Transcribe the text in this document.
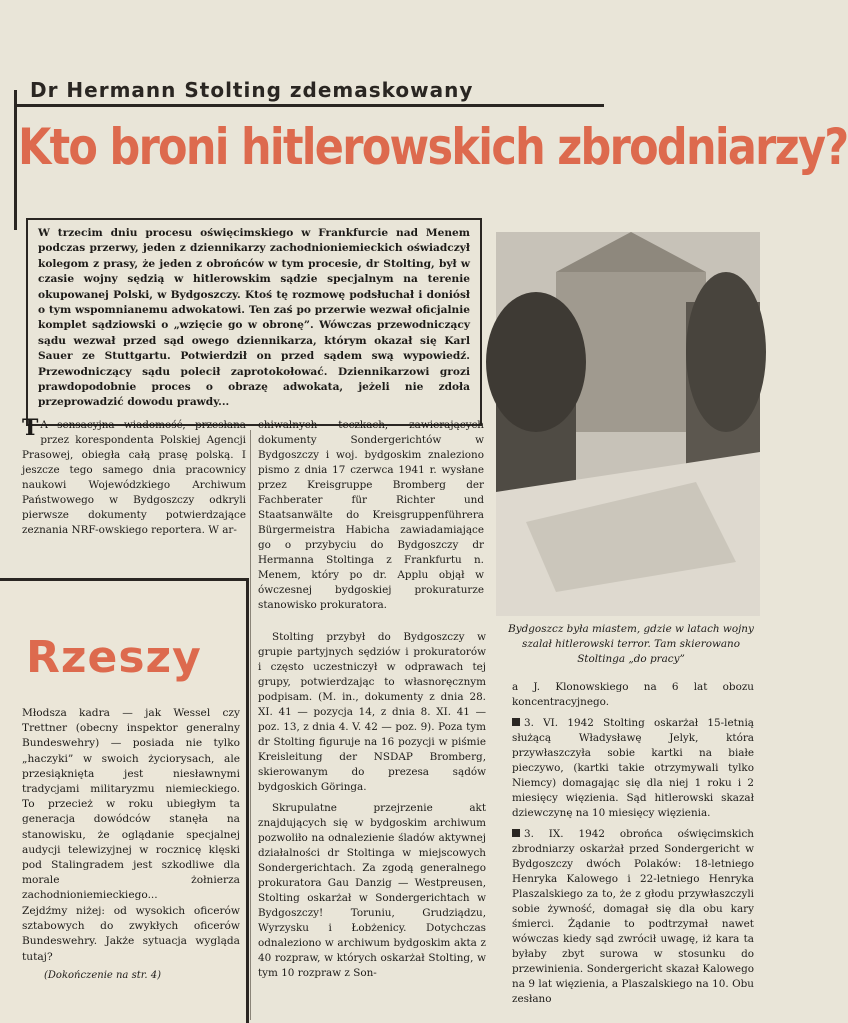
Dr Hermann Stolting zdemaskowany
Kto broni hitlerowskich zbrodniarzy?
W trzecim dniu procesu oświęcimskiego w Frankfurcie nad Menem podczas przerwy, jeden z dziennikarzy zachodnioniemieckich oświadczył kolegom z prasy, że jeden z obrońców w tym procesie, dr Stolting, był w czasie wojny sędzią w hitlerowskim sądzie specjalnym na terenie okupowanej Polski, w Bydgoszczy. Ktoś tę rozmowę podsłuchał i doniósł o tym wspomnianemu adwokatowi. Ten zaś po przerwie wezwał oficjalnie komplet sądziowski o „wzięcie go w obronę”. Wówczas przewodniczący sądu wezwał przed sąd owego dziennikarza, którym okazał się Karl Sauer ze Stuttgartu. Potwierdził on przed sądem swą wypowiedź. Przewodniczący sądu polecił zaprotokołować. Dziennikarzowi grozi prawdopodobnie proces o obrazę adwokata, jeżeli nie zdoła przeprowadzić dowodu prawdy...
T A sensacyjna wiadomość, przesłana przez korespondenta Polskiej Agencji Prasowej, obiegła całą prasę polską. I jeszcze tego samego dnia pracownicy naukowi Wojewódzkiego Archiwum Państwowego w Bydgoszczy odkryli pierwsze dokumenty potwierdzające zeznania NRF-owskiego reportera. W ar-
chiwalnych teczkach, zawierających dokumenty Sondergerichtów w Bydgoszczy i woj. bydgoskim znaleziono pismo z dnia 17 czerwca 1941 r. wysłane przez Kreisgruppe Bromberg der Fachberater für Richter und Staatsanwälte do Kreisgruppenführera Bürgermeistra Habicha zawiadamiające go o przybyciu do Bydgoszczy dr Hermanna Stoltinga z Frankfurtu n. Menem, który po dr. Applu objął w ówczesnej bydgoskiej prokuraturze stanowisko prokuratora.

Stolting przybył do Bydgoszczy w grupie partyjnych sędziów i prokuratorów i często uczestniczył w odprawach tej grupy, potwierdzając to własnoręcznym podpisam. (M. in., dokumenty z dnia 28. XI. 41 — pozycja 14, z dnia 8. XI. 41 — poz. 13, z dnia 4. V. 42 — poz. 9). Poza tym dr Stolting figuruje na 16 pozycji w piśmie Kreisleitung der NSDAP Bromberg, skierowanym do prezesa sądów bydgoskich Göringa.

Skrupulatne przejrzenie akt znajdujących się w bydgoskim archiwum pozwoliło na odnalezienie śladów aktywnej działalności dr Stoltinga w miejscowych Sondergerichtach. Za zgodą generalnego prokuratora Gau Danzig — Westpreusen, Stolting oskarżał w Sondergerichtach w Bydgoszczy! Toruniu, Grudziądzu, Wyrzysku i Łobżenicy. Dotychczas odnaleziono w archiwum bydgoskim akta z 40 rozpraw, w których oskarżał Stolting, w tym 10 rozpraw z Son-

Bydgoszcz była miastem, gdzie w latach wojny szalał hitlerowski terror. Tam skierowano Stoltinga „do pracy”

a J. Klonowskiego na 6 lat obozu koncentracyjnego.

3. VI. 1942 Stolting oskarżał 15-letnią służącą Władysławę Jelyk, która przywłaszczyła sobie kartki na białe pieczywo, (kartki takie otrzymywali tylko Niemcy) domagając się dla niej 1 roku i 2 miesięcy więzienia. Sąd hitlerowski skazał dziewczynę na 10 miesięcy więzienia.

3. IX. 1942 obrońca oświęcimskich zbrodniarzy oskarżał przed Sondergericht w Bydgoszczy dwóch Polaków: 18-letniego Henryka Kalowego i 22-letniego Henryka Plaszalskiego za to, że z głodu przywłaszczyli sobie żywność, domagał się dla obu kary śmierci. Żądanie to podtrzymał nawet wówczas kiedy sąd zwrócił uwagę, iż kara ta byłaby zbyt surowa w stosunku do przewinienia. Sondergericht skazał Kalowego na 9 lat więzienia, a Plaszalskiego na 10. Obu zesłano

Rzeszy
Młodsza kadra — jak Wessel czy Trettner (obecny inspektor generalny Bundeswehry) — posiada nie tylko „haczyki” w swoich życiorysach, ale przesiąknięta jest niesławnymi tradycjami militaryzmu niemieckiego. To przecież w roku ubiegłym ta generacja dowódców stanęła na stanowisku, że oglądanie specjalnej audycji telewizyjnej w rocznicę klęski pod Stalingradem jest szkodliwe dla morale żołnierza zachodnioniemieckiego...
Zejdźmy niżej: od wysokich oficerów sztabowych do zwykłych oficerów Bundeswehry. Jakże sytuacja wygląda tutaj?
(Dokończenie na str. 4)
